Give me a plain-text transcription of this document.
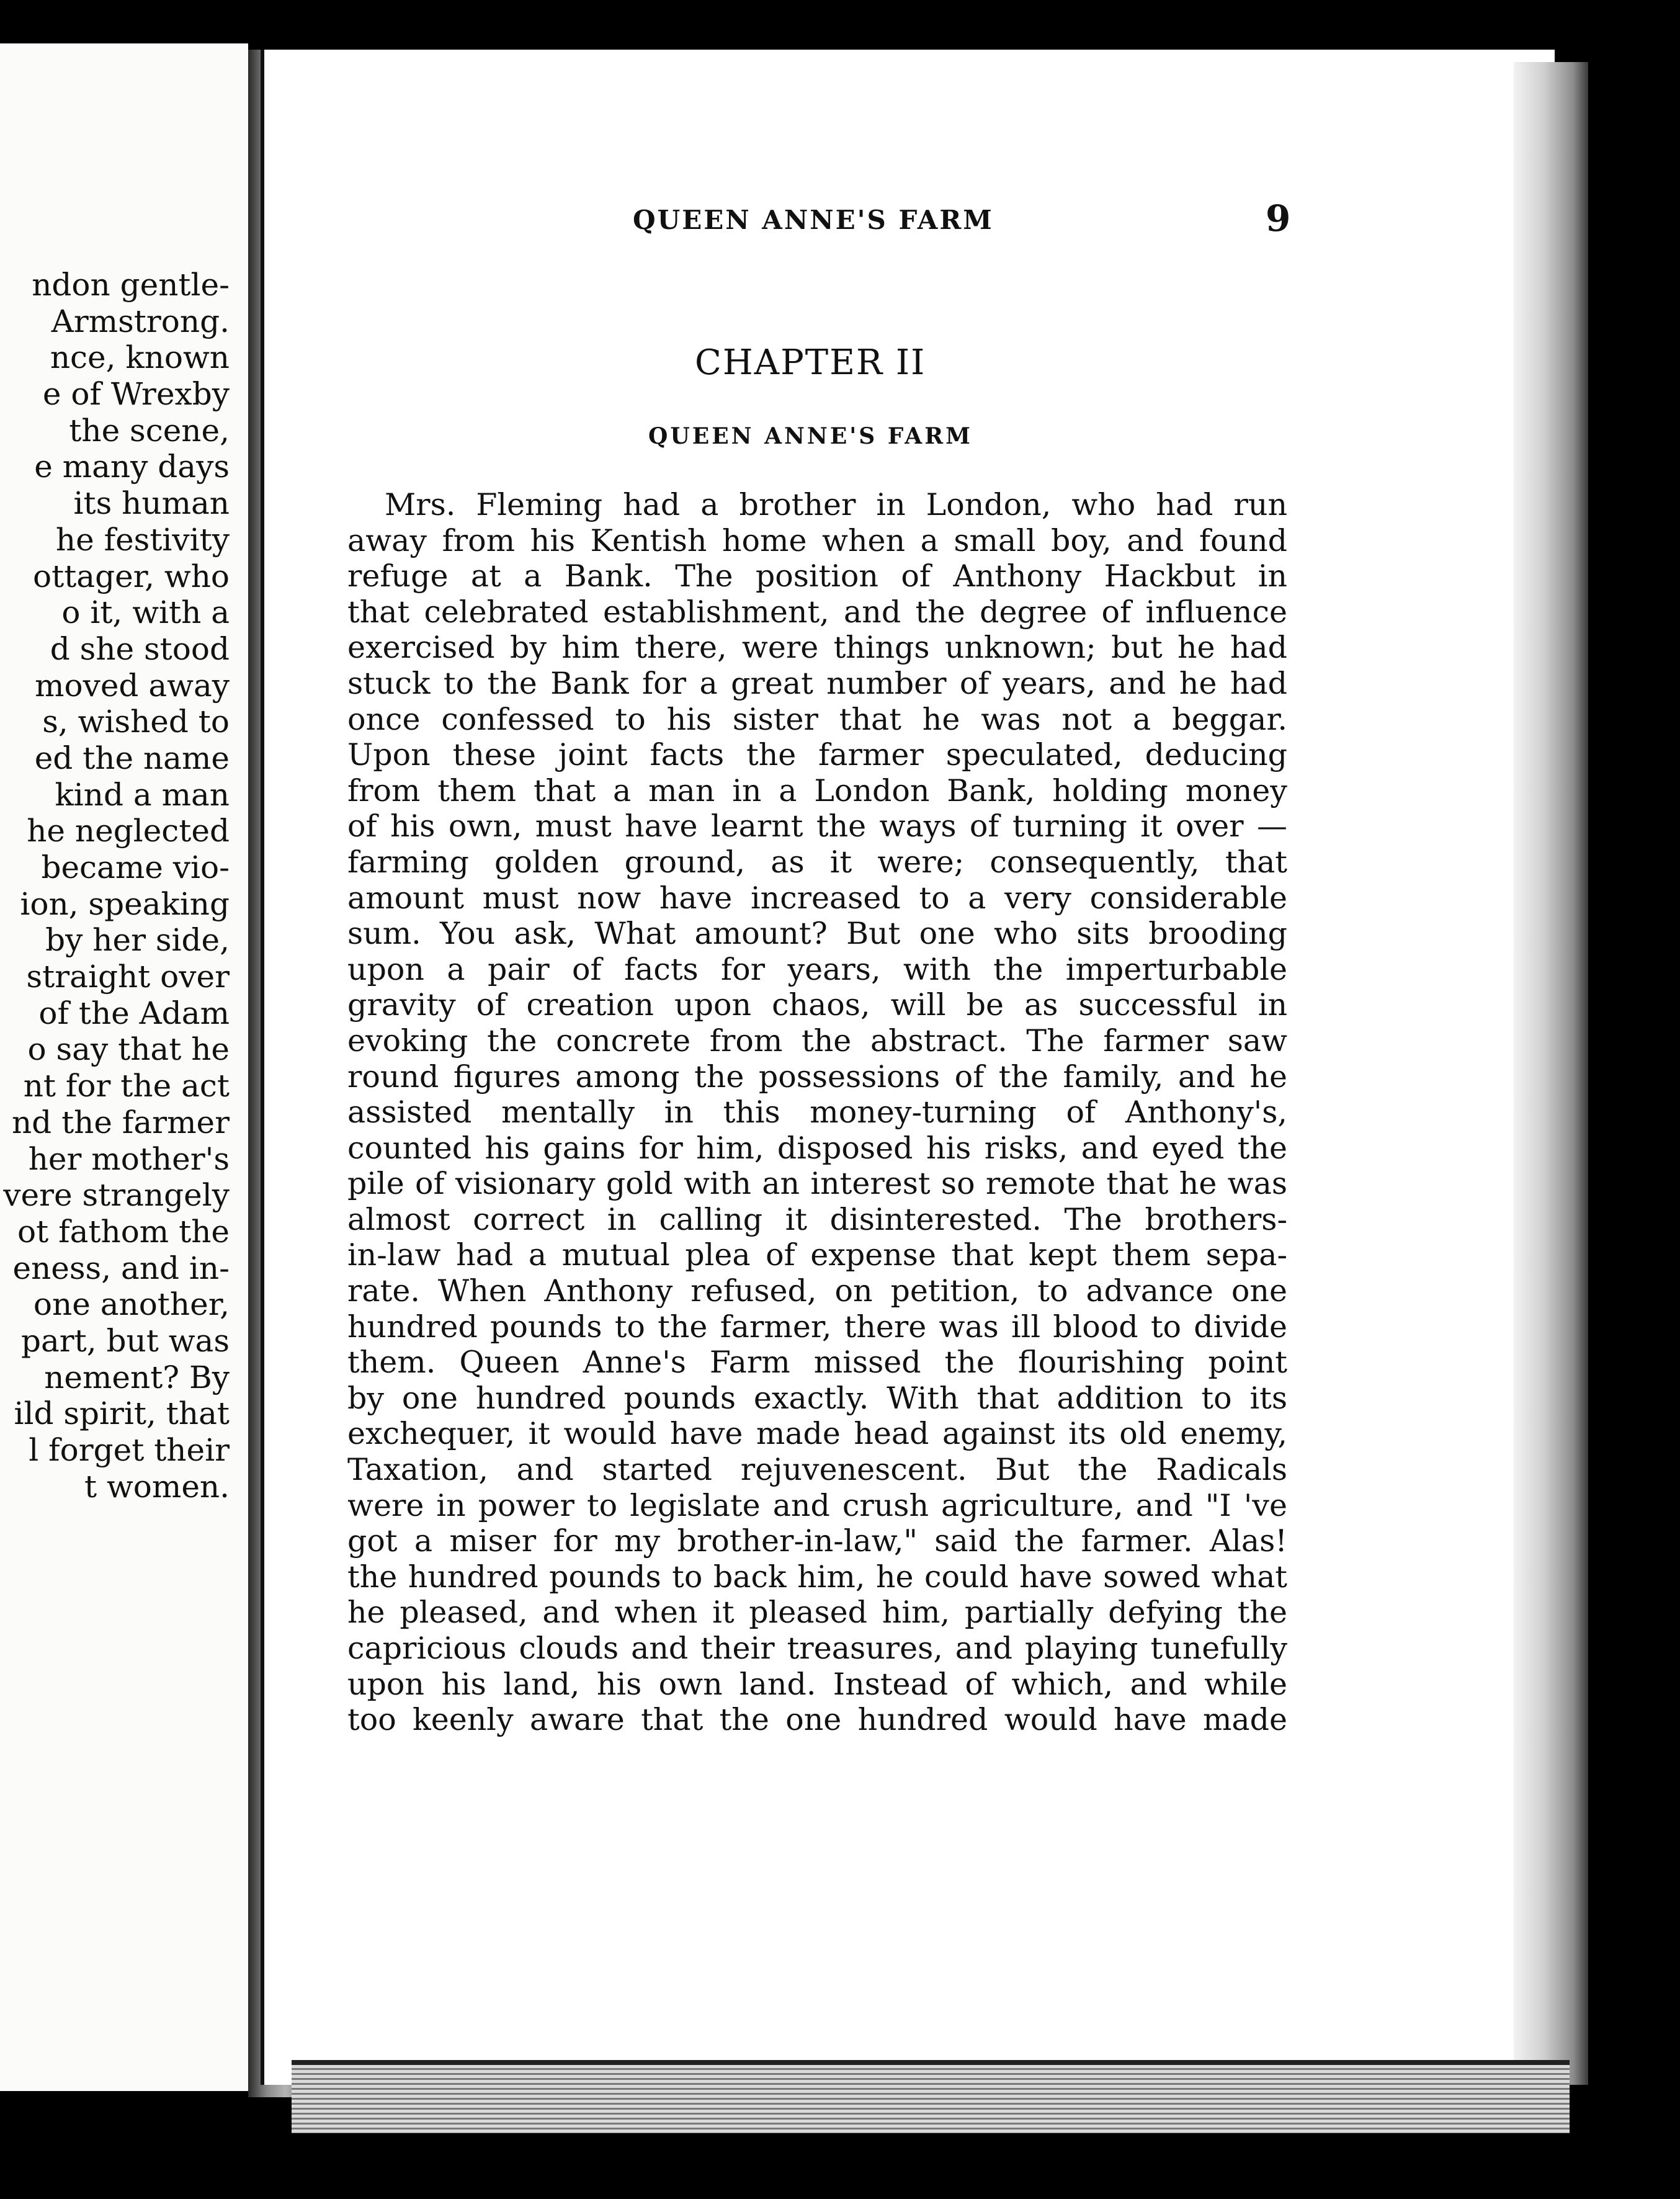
ndon gentle-
Armstrong.
nce, known
e of Wrexby
the scene,
e many days
its human
he festivity
ottager, who
o it, with a
d she stood
moved away
s, wished to
ed the name
kind a man
he neglected
became vio-
ion, speaking
by her side,
straight over
of the Adam
o say that he
nt for the act
nd the farmer
her mother's
vere strangely
ot fathom the
eness, and in-
one another,
part, but was
nement? By
ild spirit, that
l forget their
t women.
QUEEN ANNE'S FARM	9
CHAPTER II
QUEEN ANNE'S FARM
Mrs. Fleming had a brother in London, who had run
away from his Kentish home when a small boy, and found
refuge at a Bank. The position of Anthony Hackbut in
that celebrated establishment, and the degree of influence
exercised by him there, were things unknown; but he had
stuck to the Bank for a great number of years, and he had
once confessed to his sister that he was not a beggar.
Upon these joint facts the farmer speculated, deducing
from them that a man in a London Bank, holding money
of his own, must have learnt the ways of turning it over —
farming golden ground, as it were; consequently, that
amount must now have increased to a very considerable
sum. You ask, What amount? But one who sits brooding
upon a pair of facts for years, with the imperturbable
gravity of creation upon chaos, will be as successful in
evoking the concrete from the abstract. The farmer saw
round figures among the possessions of the family, and he
assisted mentally in this money-turning of Anthony's,
counted his gains for him, disposed his risks, and eyed the
pile of visionary gold with an interest so remote that he was
almost correct in calling it disinterested. The brothers-
in-law had a mutual plea of expense that kept them sepa-
rate. When Anthony refused, on petition, to advance one
hundred pounds to the farmer, there was ill blood to divide
them. Queen Anne's Farm missed the flourishing point
by one hundred pounds exactly. With that addition to its
exchequer, it would have made head against its old enemy,
Taxation, and started rejuvenescent. But the Radicals
were in power to legislate and crush agriculture, and "I 've
got a miser for my brother-in-law," said the farmer. Alas!
the hundred pounds to back him, he could have sowed what
he pleased, and when it pleased him, partially defying the
capricious clouds and their treasures, and playing tunefully
upon his land, his own land. Instead of which, and while
too keenly aware that the one hundred would have made
